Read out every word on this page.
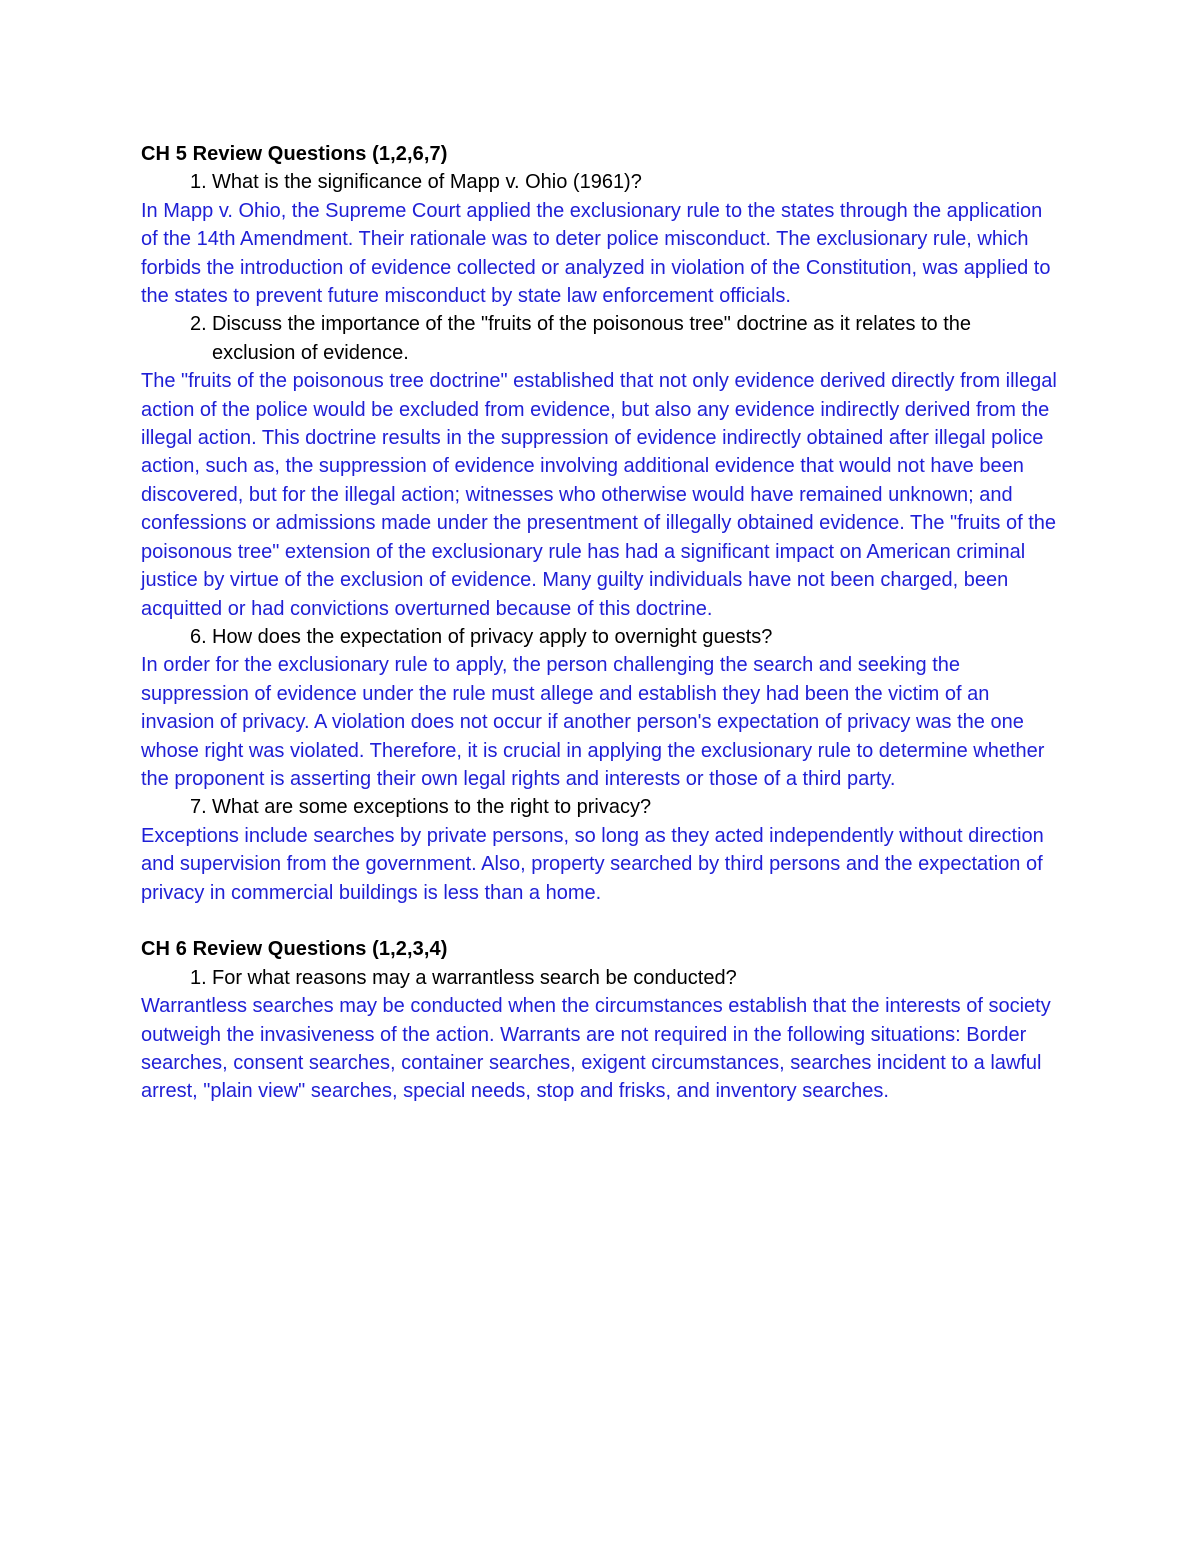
CH 5 Review Questions (1,2,6,7)
1. What is the significance of Mapp v. Ohio (1961)?
In Mapp v. Ohio, the Supreme Court applied the exclusionary rule to the states through the application of the 14th Amendment. Their rationale was to deter police misconduct. The exclusionary rule, which forbids the introduction of evidence collected or analyzed in violation of the Constitution, was applied to the states to prevent future misconduct by state law enforcement officials.
2. Discuss the importance of the "fruits of the poisonous tree" doctrine as it relates to the exclusion of evidence.
The "fruits of the poisonous tree doctrine" established that not only evidence derived directly from illegal action of the police would be excluded from evidence, but also any evidence indirectly derived from the illegal action. This doctrine results in the suppression of evidence indirectly obtained after illegal police action, such as, the suppression of evidence involving additional evidence that would not have been discovered, but for the illegal action; witnesses who otherwise would have remained unknown; and confessions or admissions made under the presentment of illegally obtained evidence. The "fruits of the poisonous tree" extension of the exclusionary rule has had a significant impact on American criminal justice by virtue of the exclusion of evidence. Many guilty individuals have not been charged, been acquitted or had convictions overturned because of this doctrine.
6. How does the expectation of privacy apply to overnight guests?
In order for the exclusionary rule to apply, the person challenging the search and seeking the suppression of evidence under the rule must allege and establish they had been the victim of an invasion of privacy. A violation does not occur if another person's expectation of privacy was the one whose right was violated. Therefore, it is crucial in applying the exclusionary rule to determine whether the proponent is asserting their own legal rights and interests or those of a third party.
7. What are some exceptions to the right to privacy?
Exceptions include searches by private persons, so long as they acted independently without direction and supervision from the government. Also, property searched by third persons and the expectation of privacy in commercial buildings is less than a home.
CH 6 Review Questions (1,2,3,4)
1. For what reasons may a warrantless search be conducted?
Warrantless searches may be conducted when the circumstances establish that the interests of society outweigh the invasiveness of the action. Warrants are not required in the following situations: Border searches, consent searches, container searches, exigent circumstances, searches incident to a lawful arrest, "plain view" searches, special needs, stop and frisks, and inventory searches.
